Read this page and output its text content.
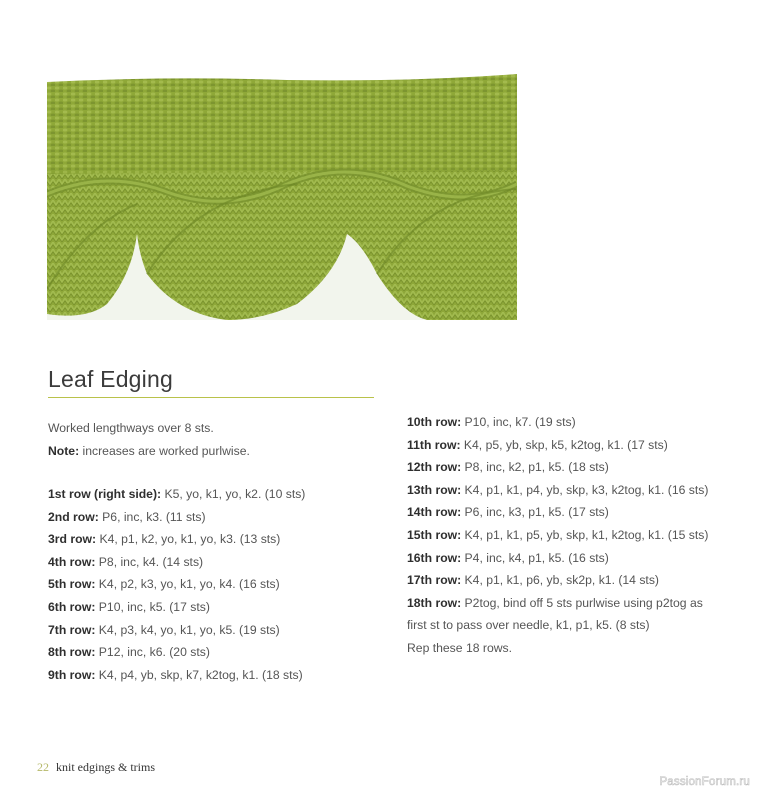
Leaf Edging
Worked lengthways over 8 sts.
Note: increases are worked purlwise.
1st row (right side): K5, yo, k1, yo, k2. (10 sts)
2nd row: P6, inc, k3. (11 sts)
3rd row: K4, p1, k2, yo, k1, yo, k3. (13 sts)
4th row: P8, inc, k4. (14 sts)
5th row: K4, p2, k3, yo, k1, yo, k4. (16 sts)
6th row: P10, inc, k5. (17 sts)
7th row: K4, p3, k4, yo, k1, yo, k5. (19 sts)
8th row: P12, inc, k6. (20 sts)
9th row: K4, p4, yb, skp, k7, k2tog, k1. (18 sts)
10th row: P10, inc, k7. (19 sts)
11th row: K4, p5, yb, skp, k5, k2tog, k1. (17 sts)
12th row: P8, inc, k2, p1, k5. (18 sts)
13th row: K4, p1, k1, p4, yb, skp, k3, k2tog, k1. (16 sts)
14th row: P6, inc, k3, p1, k5. (17 sts)
15th row: K4, p1, k1, p5, yb, skp, k1, k2tog, k1. (15 sts)
16th row: P4, inc, k4, p1, k5. (16 sts)
17th row: K4, p1, k1, p6, yb, sk2p, k1. (14 sts)
18th row: P2tog, bind off 5 sts purlwise using p2tog as
first st to pass over needle, k1, p1, k5. (8 sts)
Rep these 18 rows.
22 knit edgings & trims
PassionForum.ru
